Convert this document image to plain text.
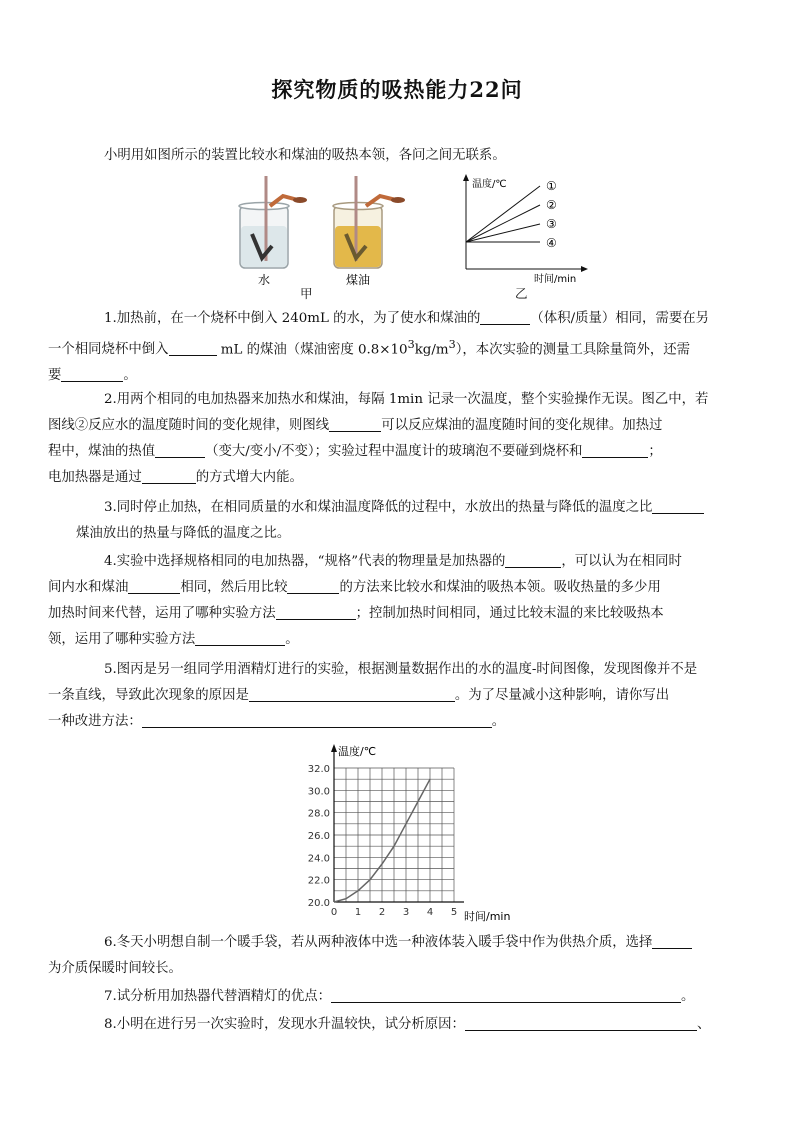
探究物质的吸热能力22问
小明用如图所示的装置比较水和煤油的吸热本领，各问之间无联系。
水	煤油
甲
温度/℃
时间/min
①
②
③
④
乙
1.加热前，在一个烧杯中倒入 240mL 的水，为了使水和煤油的	（体积/质量）相同，需要在另
一个相同烧杯中倒入	mL 的煤油（煤油密度 $0.8\times 10^3kg/m^3$），本次实验的测量工具除量筒外，还需
要	。
2.用两个相同的电加热器来加热水和煤油，每隔 1min 记录一次温度，整个实验操作无误。图乙中，若
图线②反应水的温度随时间的变化规律，则图线	可以反应煤油的温度随时间的变化规律。加热过
程中，煤油的热值	（变大/变小/不变）；实验过程中温度计的玻璃泡不要碰到烧杯和	；
电加热器是通过	的方式增大内能。
3.同时停止加热，在相同质量的水和煤油温度降低的过程中，水放出的热量与降低的温度之比
煤油放出的热量与降低的温度之比。
4.实验中选择规格相同的电加热器，“规格”代表的物理量是加热器的	，可以认为在相同时
间内水和煤油	相同，然后用比较	的方法来比较水和煤油的吸热本领。吸收热量的多少用
加热时间来代替，运用了哪种实验方法	；控制加热时间相同，通过比较末温的来比较吸热本
领，运用了哪种实验方法	。
5.图丙是另一组同学用酒精灯进行的实验，根据测量数据作出的水的温度-时间图像，发现图像并不是
一条直线，导致此次现象的原因是	。为了尽量减小这种影响，请你写出
一种改进方法：	。
0 1 2 3 4 5
20.0
22.0
24.0
26.0
28.0
30.0
32.0
温度/℃
时间/min
6.冬天小明想自制一个暖手袋，若从两种液体中选一种液体装入暖手袋中作为供热介质，选择
为介质保暖时间较长。
7.试分析用加热器代替酒精灯的优点：	。
8.小明在进行另一次实验时，发现水升温较快，试分析原因：	、
